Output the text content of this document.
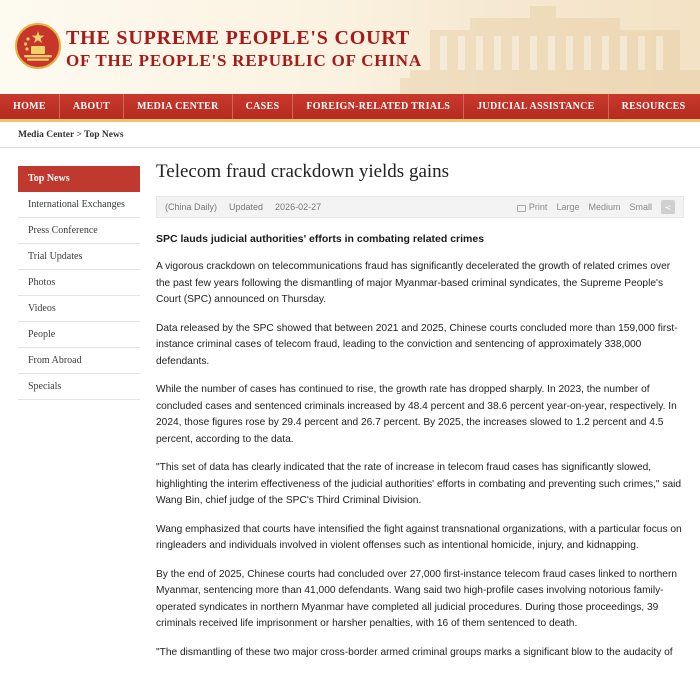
THE SUPREME PEOPLE'S COURT
OF THE PEOPLE'S REPUBLIC OF CHINA
HOME	ABOUT	MEDIA CENTER	CASES	FOREIGN-RELATED TRIALS	JUDICIAL ASSISTANCE	RESOURCES
Media Center > Top News
Top News
International Exchanges
Press Conference
Trial Updates
Photos
Videos
People
From Abroad
Specials
Telecom fraud crackdown yields gains
(China Daily) Updated 2026-02-27	Print Large Medium Small	≺
SPC lauds judicial authorities' efforts in combating related crimes

A vigorous crackdown on telecommunications fraud has significantly decelerated the growth of related crimes over the past few years following the dismantling of major Myanmar-based criminal syndicates, the Supreme People's Court (SPC) announced on Thursday.

Data released by the SPC showed that between 2021 and 2025, Chinese courts concluded more than 159,000 first-instance criminal cases of telecom fraud, leading to the conviction and sentencing of approximately 338,000 defendants.

While the number of cases has continued to rise, the growth rate has dropped sharply. In 2023, the number of concluded cases and sentenced criminals increased by 48.4 percent and 38.6 percent year-on-year, respectively. In 2024, those figures rose by 29.4 percent and 26.7 percent. By 2025, the increases slowed to 1.2 percent and 4.5 percent, according to the data.

"This set of data has clearly indicated that the rate of increase in telecom fraud cases has significantly slowed, highlighting the interim effectiveness of the judicial authorities' efforts in combating and preventing such crimes," said Wang Bin, chief judge of the SPC's Third Criminal Division.

Wang emphasized that courts have intensified the fight against transnational organizations, with a particular focus on ringleaders and individuals involved in violent offenses such as intentional homicide, injury, and kidnapping.

By the end of 2025, Chinese courts had concluded over 27,000 first-instance telecom fraud cases linked to northern Myanmar, sentencing more than 41,000 defendants. Wang said two high-profile cases involving notorious family-operated syndicates in northern Myanmar have completed all judicial procedures. During those proceedings, 39 criminals received life imprisonment or harsher penalties, with 16 of them sentenced to death.

"The dismantling of these two major cross-border armed criminal groups marks a significant blow to the audacity of
